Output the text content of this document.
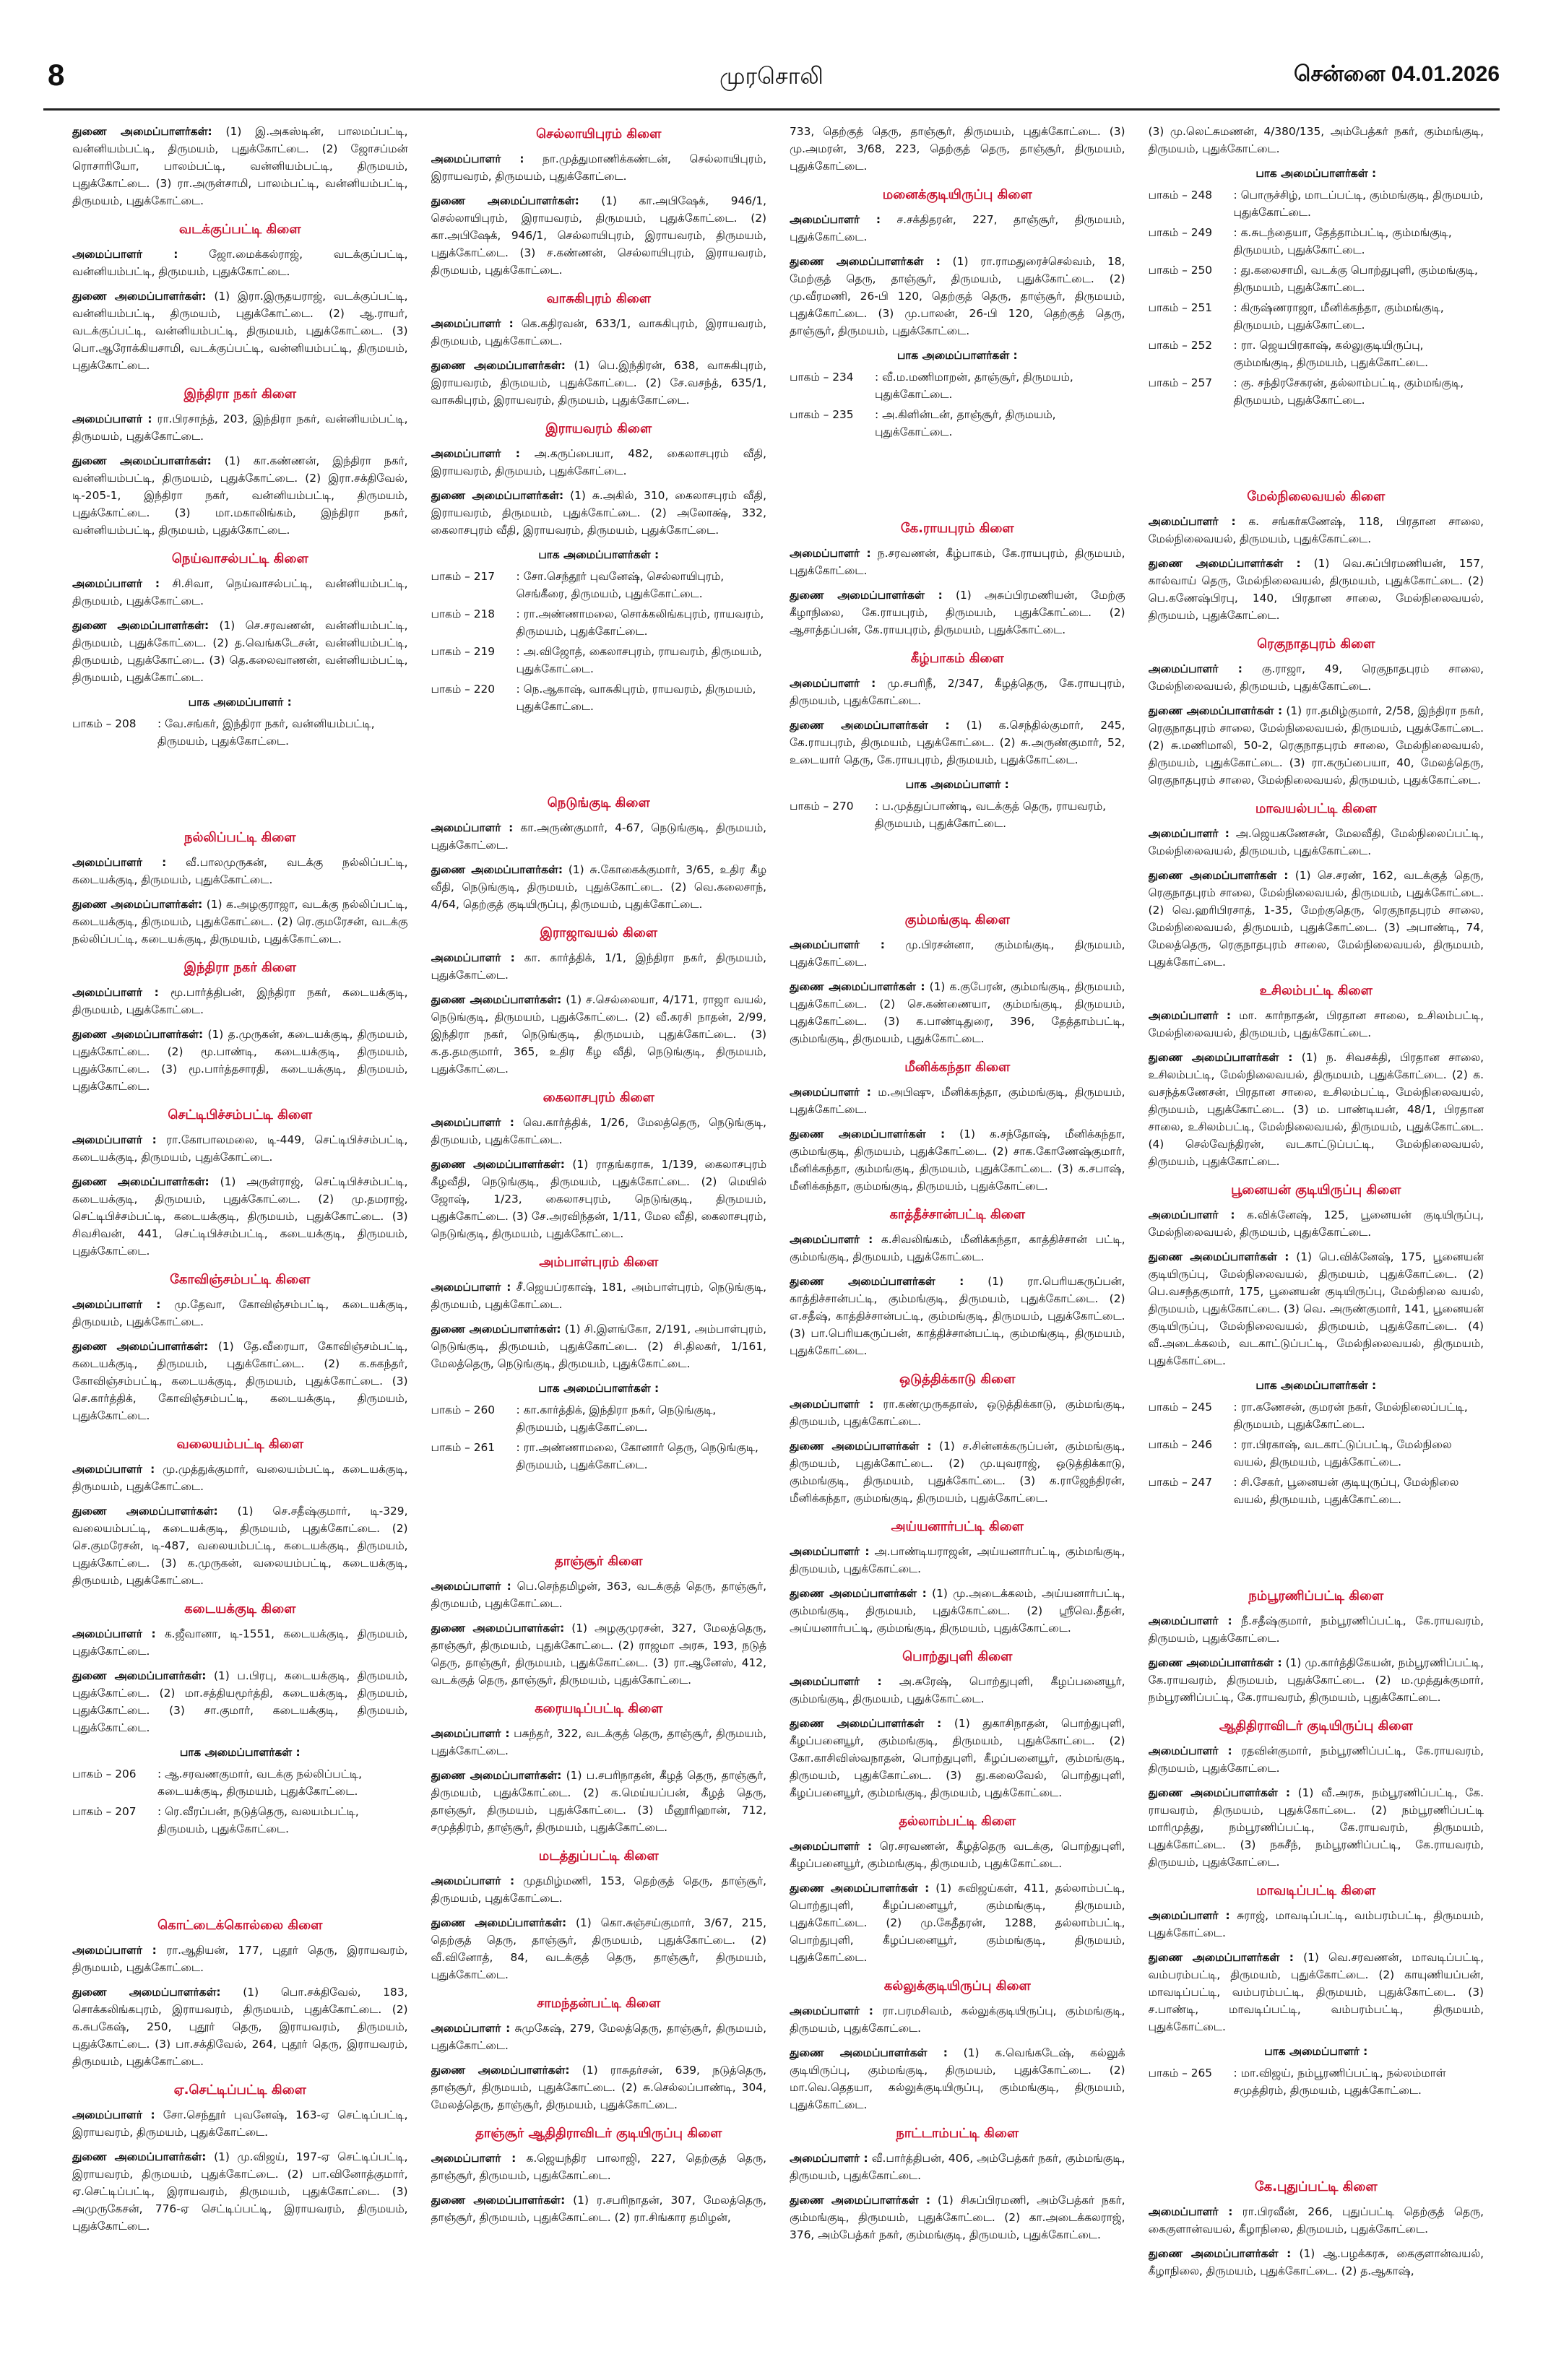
8	முரசொலி	சென்னை 04.01.2026
துணை அமைப்பாளர்கள்: (1) இ.அகஸ்டின், பாலமப்பட்டி, வன்னியம்பட்டி, திருமயம், புதுக்கோட்டை. (2) ஜோசப்மன் ரொசாரியோ, பாலம்பட்டி, வன்னியம்பட்டி, திருமயம், புதுக்கோட்டை. (3) ரா.அருள்சாமி, பாலம்பட்டி, வன்னியம்பட்டி, திருமயம், புதுக்கோட்டை.
வடக்குப்பட்டி கிளை
அமைப்பாளர் : ஜோ.மைக்கல்ராஜ், வடக்குப்பட்டி, வன்னியம்பட்டி, திருமயம், புதுக்கோட்டை.
துணை அமைப்பாளர்கள்: (1) இரா.இருதயராஜ், வடக்குப்பட்டி, வன்னியம்பட்டி, திருமயம், புதுக்கோட்டை. (2) ஆ.ராயர், வடக்குப்பட்டி, வன்னியம்பட்டி, திருமயம், புதுக்கோட்டை. (3) பொ.ஆரோக்கியசாமி, வடக்குப்பட்டி, வன்னியம்பட்டி, திருமயம், புதுக்கோட்டை.
இந்திரா நகர் கிளை
அமைப்பாளர் : ரா.பிரசாந்த், 203, இந்திரா நகர், வன்னியம்பட்டி, திருமயம், புதுக்கோட்டை.
துணை அமைப்பாளர்கள்: (1) கா.கண்ணன், இந்திரா நகர், வன்னியம்பட்டி, திருமயம், புதுக்கோட்டை. (2) இரா.சக்திவேல், டி-205-1, இந்திரா நகர், வன்னியம்பட்டி, திருமயம், புதுக்கோட்டை. (3) மா.மகாலிங்கம், இந்திரா நகர், வன்னியம்பட்டி, திருமயம், புதுக்கோட்டை.
நெய்வாசல்பட்டி கிளை
அமைப்பாளர் : சி.சிவா, நெய்வாசல்பட்டி, வன்னியம்பட்டி, திருமயம், புதுக்கோட்டை.
துணை அமைப்பாளர்கள்: (1) செ.சரவணன், வன்னியம்பட்டி, திருமயம், புதுக்கோட்டை. (2) த.வெங்கடேசன், வன்னியம்பட்டி, திருமயம், புதுக்கோட்டை. (3) தெ.கலைவாணன், வன்னியம்பட்டி, திருமயம், புதுக்கோட்டை.
பாக அமைப்பாளர் :
பாகம் – 208	: வே.சங்கர், இந்திரா நகர், வன்னியம்பட்டி, திருமயம், புதுக்கோட்டை.
நல்லிப்பட்டி கிளை
அமைப்பாளர் : வீ.பாலமுருகன், வடக்கு நல்லிப்பட்டி, கடையக்குடி, திருமயம், புதுக்கோட்டை.
துணை அமைப்பாளர்கள்: (1) க.அழகுராஜா, வடக்கு நல்லிப்பட்டி, கடையக்குடி, திருமயம், புதுக்கோட்டை. (2) ரெ.குமரேசன், வடக்கு நல்லிப்பட்டி, கடையக்குடி, திருமயம், புதுக்கோட்டை.
இந்திரா நகர் கிளை
அமைப்பாளர் : மூ.பார்த்திபன், இந்திரா நகர், கடையக்குடி, திருமயம், புதுக்கோட்டை.
துணை அமைப்பாளர்கள்: (1) த.முருகன், கடையக்குடி, திருமயம், புதுக்கோட்டை. (2) மூ.பாண்டி, கடையக்குடி, திருமயம், புதுக்கோட்டை. (3) மூ.பார்த்தசாரதி, கடையக்குடி, திருமயம், புதுக்கோட்டை.
செட்டிபிச்சம்பட்டி கிளை
அமைப்பாளர் : ரா.கோபாலமலை, டி-449, செட்டிபிச்சம்பட்டி, கடையக்குடி, திருமயம், புதுக்கோட்டை.
துணை அமைப்பாளர்கள்: (1) அருள்ராஜ், செட்டிபிச்சம்பட்டி, கடையக்குடி, திருமயம், புதுக்கோட்டை. (2) மு.தமராஜ், செட்டிபிச்சம்பட்டி, கடையக்குடி, திருமயம், புதுக்கோட்டை. (3) சிவசிவன், 441, செட்டிபிச்சம்பட்டி, கடையக்குடி, திருமயம், புதுக்கோட்டை.
கோவிஞ்சம்பட்டி கிளை
அமைப்பாளர் : மு.தேவா, கோவிஞ்சம்பட்டி, கடையக்குடி, திருமயம், புதுக்கோட்டை.
துணை அமைப்பாளர்கள்: (1) தே.வீரையா, கோவிஞ்சம்பட்டி, கடையக்குடி, திருமயம், புதுக்கோட்டை. (2) க.சுகந்தர், கோவிஞ்சம்பட்டி, கடையக்குடி, திருமயம், புதுக்கோட்டை. (3) செ.கார்த்திக், கோவிஞ்சம்பட்டி, கடையக்குடி, திருமயம், புதுக்கோட்டை.
வலையம்பட்டி கிளை
அமைப்பாளர் : மு.முத்துக்குமார், வலையம்பட்டி, கடையக்குடி, திருமயம், புதுக்கோட்டை.
துணை அமைப்பாளர்கள்: (1) செ.சதீஷ்குமார், டி-329, வலையம்பட்டி, கடையக்குடி, திருமயம், புதுக்கோட்டை. (2) செ.குமரேசன், டி-487, வலையம்பட்டி, கடையக்குடி, திருமயம், புதுக்கோட்டை. (3) க.முருகன், வலையம்பட்டி, கடையக்குடி, திருமயம், புதுக்கோட்டை.
கடையக்குடி கிளை
அமைப்பாளர் : க.ஜீவானா, டி-1551, கடையக்குடி, திருமயம், புதுக்கோட்டை.
துணை அமைப்பாளர்கள்: (1) ப.பிரபு, கடையக்குடி, திருமயம், புதுக்கோட்டை. (2) மா.சத்தியமூர்த்தி, கடையக்குடி, திருமயம், புதுக்கோட்டை. (3) சா.குமார், கடையக்குடி, திருமயம், புதுக்கோட்டை.
பாக அமைப்பாளர்கள் :
பாகம் – 206	: ஆ.சரவணகுமார், வடக்கு நல்லிப்பட்டி, கடையக்குடி, திருமயம், புதுக்கோட்டை.
பாகம் – 207	: ரெ.வீரப்பன், நடுத்தெரு, வலயம்பட்டி, திருமயம், புதுக்கோட்டை.
கொட்டைக்கொல்லை கிளை
அமைப்பாளர் : ரா.ஆதியன், 177, புதூர் தெரு, இராயவரம், திருமயம், புதுக்கோட்டை.
துணை அமைப்பாளர்கள்: (1) பொ.சக்திவேல், 183, சொக்கலிங்கபுரம், இராயவரம், திருமயம், புதுக்கோட்டை. (2) க.சுபகேஷ், 250, புதூர் தெரு, இராயவரம், திருமயம், புதுக்கோட்டை. (3) பா.சக்திவேல், 264, புதூர் தெரு, இராயவரம், திருமயம், புதுக்கோட்டை.
ஏ.செட்டிப்பட்டி கிளை
அமைப்பாளர் : சோ.செந்தூர் புவனேஷ், 163-ஏ செட்டிப்பட்டி, இராயவரம், திருமயம், புதுக்கோட்டை.
துணை அமைப்பாளர்கள்: (1) மு.விஜய், 197-ஏ செட்டிப்பட்டி, இராயவரம், திருமயம், புதுக்கோட்டை. (2) பா.வினோத்குமார், ஏ.செட்டிப்பட்டி, இராயவரம், திருமயம், புதுக்கோட்டை. (3) அமுருகேசன், 776-ஏ செட்டிப்பட்டி, இராயவரம், திருமயம், புதுக்கோட்டை.
செல்லாயிபுரம் கிளை
அமைப்பாளர் : நா.முத்துமாணிக்கண்டன், செல்லாயிபுரம், இராயவரம், திருமயம், புதுக்கோட்டை.
துணை அமைப்பாளர்கள்: (1) கா.அபிஷேக், 946/1, செல்லாயிபுரம், இராயவரம், திருமயம், புதுக்கோட்டை. (2) கா.அபிஷேக், 946/1, செல்லாயிபுரம், இராயவரம், திருமயம், புதுக்கோட்டை. (3) ச.கண்ணன், செல்லாயிபுரம், இராயவரம், திருமயம், புதுக்கோட்டை.
வாசுகிபுரம் கிளை
அமைப்பாளர் : கெ.கதிரவன், 633/1, வாசுகிபுரம், இராயவரம், திருமயம், புதுக்கோட்டை.
துணை அமைப்பாளர்கள்: (1) பெ.இந்திரன், 638, வாசுகிபுரம், இராயவரம், திருமயம், புதுக்கோட்டை. (2) சே.வசந்த், 635/1, வாசுகிபுரம், இராயவரம், திருமயம், புதுக்கோட்டை.
இராயவரம் கிளை
அமைப்பாளர் : அ.கருப்பையா, 482, கைலாசபுரம் வீதி, இராயவரம், திருமயம், புதுக்கோட்டை.
துணை அமைப்பாளர்கள்: (1) சு.அகில், 310, கைலாசபுரம் வீதி, இராயவரம், திருமயம், புதுக்கோட்டை. (2) அலோக்ஷ், 332, கைலாசபுரம் வீதி, இராயவரம், திருமயம், புதுக்கோட்டை.
பாக அமைப்பாளர்கள் :
பாகம் – 217	: சோ.செந்தூர் புவனேஷ், செல்லாயிபுரம், செங்கீரை, திருமயம், புதுக்கோட்டை.
பாகம் – 218	: ரா.அண்ணாமலை, சொக்கலிங்கபுரம், ராயவரம், திருமயம், புதுக்கோட்டை.
பாகம் – 219	: அ.விஜோத், கைலாசபுரம், ராயவரம், திருமயம், புதுக்கோட்டை.
பாகம் – 220	: நெ.ஆகாஷ், வாசுகிபுரம், ராயவரம், திருமயம், புதுக்கோட்டை.
நெடுங்குடி கிளை
அமைப்பாளர் : கா.அருண்குமார், 4-67, நெடுங்குடி, திருமயம், புதுக்கோட்டை.
துணை அமைப்பாளர்கள்: (1) சு.கோகைக்குமார், 3/65, உதிர கீழ வீதி, நெடுங்குடி, திருமயம், புதுக்கோட்டை. (2) வெ.கலைசாந், 4/64, தெற்குத் குடியிருப்பு, திருமயம், புதுக்கோட்டை.
இராஜாவயல் கிளை
அமைப்பாளர் : கா. கார்த்திக், 1/1, இந்திரா நகர், திருமயம், புதுக்கோட்டை.
துணை அமைப்பாளர்கள்: (1) ச.செல்லையா, 4/171, ராஜா வயல், நெடுங்குடி, திருமயம், புதுக்கோட்டை. (2) வீ.கரசி நாதன், 2/99, இந்திரா நகர், நெடுங்குடி, திருமயம், புதுக்கோட்டை. (3) க.த.தமகுமார், 365, உதிர கீழ வீதி, நெடுங்குடி, திருமயம், புதுக்கோட்டை.
கைலாசபுரம் கிளை
அமைப்பாளர் : வெ.கார்த்திக், 1/26, மேலத்தெரு, நெடுங்குடி, திருமயம், புதுக்கோட்டை.
துணை அமைப்பாளர்கள்: (1) ராதங்கராசு, 1/139, கைலாசபுரம் கீழவீதி, நெடுங்குடி, திருமயம், புதுக்கோட்டை. (2) மெயில் ஜோஷ், 1/23, கைலாசபுரம், நெடுங்குடி, திருமயம், புதுக்கோட்டை. (3) சே.அரவிந்தன், 1/11, மேல வீதி, கைலாசபுரம், நெடுங்குடி, திருமயம், புதுக்கோட்டை.
அம்பாள்புரம் கிளை
அமைப்பாளர் : சீ.ஜெயப்ரகாஷ், 181, அம்பாள்புரம், நெடுங்குடி, திருமயம், புதுக்கோட்டை.
துணை அமைப்பாளர்கள்: (1) சி.இளங்கோ, 2/191, அம்பாள்புரம், நெடுங்குடி, திருமயம், புதுக்கோட்டை. (2) சி.திலகர், 1/161, மேலத்தெரு, நெடுங்குடி, திருமயம், புதுக்கோட்டை.
பாக அமைப்பாளர்கள் :
பாகம் – 260	: கா.கார்த்திக், இந்திரா நகர், நெடுங்குடி, திருமயம், புதுக்கோட்டை.
பாகம் – 261	: ரா.அண்ணாமலை, கோனார் தெரு, நெடுங்குடி, திருமயம், புதுக்கோட்டை.
தாஞ்சூர் கிளை
அமைப்பாளர் : பெ.செந்தமிழன், 363, வடக்குத் தெரு, தாஞ்சூர், திருமயம், புதுக்கோட்டை.
துணை அமைப்பாளர்கள்: (1) அழகுமுரசன், 327, மேலத்தெரு, தாஞ்சூர், திருமயம், புதுக்கோட்டை. (2) ராஜமா அரசு, 193, நடுத் தெரு, தாஞ்சூர், திருமயம், புதுக்கோட்டை. (3) ரா.ஆனேஸ், 412, வடக்குத் தெரு, தாஞ்சூர், திருமயம், புதுக்கோட்டை.
கரையடிப்பட்டி கிளை
அமைப்பாளர் : பசுந்தர், 322, வடக்குத் தெரு, தாஞ்சூர், திருமயம், புதுக்கோட்டை.
துணை அமைப்பாளர்கள்: (1) ப.சபரிநாதன், கீழத் தெரு, தாஞ்சூர், திருமயம், புதுக்கோட்டை. (2) க.மெய்யப்பன், கீழத் தெரு, தாஞ்சூர், திருமயம், புதுக்கோட்டை. (3) மீனூரிஹான், 712, சமுத்திரம், தாஞ்சூர், திருமயம், புதுக்கோட்டை.
மடத்துப்பட்டி கிளை
அமைப்பாளர் : முதமிழ்மணி, 153, தெற்குத் தெரு, தாஞ்சூர், திருமயம், புதுக்கோட்டை.
துணை அமைப்பாளர்கள்: (1) கொ.சுஞ்சய்குமார், 3/67, 215, தெற்குத் தெரு, தாஞ்சூர், திருமயம், புதுக்கோட்டை. (2) வீ.வினோத், 84, வடக்குத் தெரு, தாஞ்சூர், திருமயம், புதுக்கோட்டை.
சாமந்தன்பட்டி கிளை
அமைப்பாளர் : சுமுகேஷ், 279, மேலத்தெரு, தாஞ்சூர், திருமயம், புதுக்கோட்டை.
துணை அமைப்பாளர்கள்: (1) ராசுதர்சன், 639, நடுத்தெரு, தாஞ்சூர், திருமயம், புதுக்கோட்டை. (2) சு.செல்லப்பாண்டி, 304, மேலத்தெரு, தாஞ்சூர், திருமயம், புதுக்கோட்டை.
தாஞ்சூர் ஆதிதிராவிடர் குடியிருப்பு கிளை
அமைப்பாளர் : க.ஜெயந்திர பாலாஜி, 227, தெற்குத் தெரு, தாஞ்சூர், திருமயம், புதுக்கோட்டை.
துணை அமைப்பாளர்கள்: (1) ர.சபரிநாதன், 307, மேலத்தெரு, தாஞ்சூர், திருமயம், புதுக்கோட்டை. (2) ரா.சிங்கார தமிழன்,
733, தெற்குத் தெரு, தாஞ்சூர், திருமயம், புதுக்கோட்டை. (3) மு.அமரன், 3/68, 223, தெற்குத் தெரு, தாஞ்சூர், திருமயம், புதுக்கோட்டை.
மனைக்குடியிருப்பு கிளை
அமைப்பாளர் : ச.சக்திதரன், 227, தாஞ்சூர், திருமயம், புதுக்கோட்டை.
துணை அமைப்பாளர்கள் : (1) ரா.ராமதுரைச்செல்வம், 18, மேற்குத் தெரு, தாஞ்சூர், திருமயம், புதுக்கோட்டை. (2) மு.வீரமணி, 26-பி 120, தெற்குத் தெரு, தாஞ்சூர், திருமயம், புதுக்கோட்டை. (3) மு.பாலன், 26-பி 120, தெற்குத் தெரு, தாஞ்சூர், திருமயம், புதுக்கோட்டை.
பாக அமைப்பாளர்கள் :
பாகம் – 234	: வீ.ம.மணிமாறன், தாஞ்சூர், திருமயம், புதுக்கோட்டை.
பாகம் – 235	: அ.கிளின்டன், தாஞ்சூர், திருமயம், புதுக்கோட்டை.
கே.ராயபுரம் கிளை
அமைப்பாளர் : ந.சரவணன், கீழ்பாகம், கே.ராயபுரம், திருமயம், புதுக்கோட்டை.
துணை அமைப்பாளர்கள் : (1) அசுப்பிரமணியன், மேற்கு கீழாநிலை, கே.ராயபுரம், திருமயம், புதுக்கோட்டை. (2) ஆசாத்தப்பன், கே.ராயபுரம், திருமயம், புதுக்கோட்டை.
கீழ்பாகம் கிளை
அமைப்பாளர் : மு.சபரிநீ, 2/347, கீழத்தெரு, கே.ராயபுரம், திருமயம், புதுக்கோட்டை.
துணை அமைப்பாளர்கள் : (1) க.செந்தில்குமார், 245, கே.ராயபுரம், திருமயம், புதுக்கோட்டை. (2) சு.அருண்குமார், 52, உடையார் தெரு, கே.ராயபுரம், திருமயம், புதுக்கோட்டை.
பாக அமைப்பாளர் :
பாகம் – 270	: ப.முத்துப்பாண்டி, வடக்குத் தெரு, ராயவரம், திருமயம், புதுக்கோட்டை.
கும்மங்குடி கிளை
அமைப்பாளர் : மு.பிரசன்னா, கும்மங்குடி, திருமயம், புதுக்கோட்டை.
துணை அமைப்பாளர்கள் : (1) க.குபேரன், கும்மங்குடி, திருமயம், புதுக்கோட்டை. (2) செ.கண்ணையா, கும்மங்குடி, திருமயம், புதுக்கோட்டை. (3) க.பாண்டிதுரை, 396, தேத்தாம்பட்டி, கும்மங்குடி, திருமயம், புதுக்கோட்டை.
மீனிக்கந்தா கிளை
அமைப்பாளர் : ம.அபிஷு, மீனிக்கந்தா, கும்மங்குடி, திருமயம், புதுக்கோட்டை.
துணை அமைப்பாளர்கள் : (1) க.சந்தோஷ், மீனிக்கந்தா, கும்மங்குடி, திருமயம், புதுக்கோட்டை. (2) சாக.கோணேஷ்குமார், மீனிக்கந்தா, கும்மங்குடி, திருமயம், புதுக்கோட்டை. (3) க.சபாஷ், மீனிக்கந்தா, கும்மங்குடி, திருமயம், புதுக்கோட்டை.
காத்தீச்சான்பட்டி கிளை
அமைப்பாளர் : க.சிவலிங்கம், மீனிக்கந்தா, காத்திச்சான் பட்டி, கும்மங்குடி, திருமயம், புதுக்கோட்டை.
துணை அமைப்பாளர்கள் : (1) ரா.பெரியகருப்பன், காத்திச்சான்பட்டி, கும்மங்குடி, திருமயம், புதுக்கோட்டை. (2) எ.சதீஷ், காத்திச்சான்பட்டி, கும்மங்குடி, திருமயம், புதுக்கோட்டை. (3) பா.பெரியகருப்பன், காத்திச்சான்பட்டி, கும்மங்குடி, திருமயம், புதுக்கோட்டை.
ஒடுத்திக்காடு கிளை
அமைப்பாளர் : ரா.கண்முருகதாஸ், ஒடுத்திக்காடு, கும்மங்குடி, திருமயம், புதுக்கோட்டை.
துணை அமைப்பாளர்கள் : (1) ச.சின்னக்கருப்பன், கும்மங்குடி, திருமயம், புதுக்கோட்டை. (2) மு.யுவராஜ், ஒடுத்திக்காடு, கும்மங்குடி, திருமயம், புதுக்கோட்டை. (3) க.ராஜேந்திரன், மீனிக்கந்தா, கும்மங்குடி, திருமயம், புதுக்கோட்டை.
அய்யனார்பட்டி கிளை
அமைப்பாளர் : அ.பாண்டியராஜன், அய்யனார்பட்டி, கும்மங்குடி, திருமயம், புதுக்கோட்டை.
துணை அமைப்பாளர்கள் : (1) மு.அடைக்கலம், அய்யனார்பட்டி, கும்மங்குடி, திருமயம், புதுக்கோட்டை. (2) ஸ்ரீவெ.தீதன், அய்யனார்பட்டி, கும்மங்குடி, திருமயம், புதுக்கோட்டை.
பொற்துபுளி கிளை
அமைப்பாளர் : அ.சுரேஷ், பொற்துபுளி, கீழப்பனையூர், கும்மங்குடி, திருமயம், புதுக்கோட்டை.
துணை அமைப்பாளர்கள் : (1) துகாசிநாதன், பொற்துபுளி, கீழப்பனையூர், கும்மங்குடி, திருமயம், புதுக்கோட்டை. (2) கோ.காசிவிஸ்வநாதன், பொற்துபுளி, கீழப்பனையூர், கும்மங்குடி, திருமயம், புதுக்கோட்டை. (3) து.கலைவேல், பொற்துபுளி, கீழப்பனையூர், கும்மங்குடி, திருமயம், புதுக்கோட்டை.
தல்லாம்பட்டி கிளை
அமைப்பாளர் : ரெ.சரவணன், கீழத்தெரு வடக்கு, பொற்துபுளி, கீழப்பனையூர், கும்மங்குடி, திருமயம், புதுக்கோட்டை.
துணை அமைப்பாளர்கள் : (1) சுவிஜய்கள், 411, தல்லாம்பட்டி, பொற்துபுளி, கீழப்பனையூர், கும்மங்குடி, திருமயம், புதுக்கோட்டை. (2) மு.கேதீதரன், 1288, தல்லாம்பட்டி, பொற்துபுளி, கீழப்பனையூர், கும்மங்குடி, திருமயம், புதுக்கோட்டை.
கல்லுக்குடியிருப்பு கிளை
அமைப்பாளர் : ரா.பரமசிவம், கல்லுக்குடியிருப்பு, கும்மங்குடி, திருமயம், புதுக்கோட்டை.
துணை அமைப்பாளர்கள் : (1) க.வெங்கடேஷ், கல்லுக் குடியிருப்பு, கும்மங்குடி, திருமயம், புதுக்கோட்டை. (2) மா.வெ.தெதயா, கல்லுக்குடியிருப்பு, கும்மங்குடி, திருமயம், புதுக்கோட்டை.
நாட்டாம்பட்டி கிளை
அமைப்பாளர் : வீ.பார்த்திபன், 406, அம்பேத்கர் நகர், கும்மங்குடி, திருமயம், புதுக்கோட்டை.
துணை அமைப்பாளர்கள் : (1) சிசுப்பிரமணி, அம்பேத்கர் நகர், கும்மங்குடி, திருமயம், புதுக்கோட்டை. (2) கா.அடைக்கலராஜ், 376, அம்பேத்கர் நகர், கும்மங்குடி, திருமயம், புதுக்கோட்டை.
(3) மு.லெட்சுமணன், 4/380/135, அம்பேத்கர் நகர், கும்மங்குடி, திருமயம், புதுக்கோட்டை.
பாக அமைப்பாளர்கள் :
பாகம் – 248	: பொருச்சிழ், மாடப்பட்டி, கும்மங்குடி, திருமயம், புதுக்கோட்டை.
பாகம் – 249	: க.சுடந்தையா, தேத்தாம்பட்டி, கும்மங்குடி, திருமயம், புதுக்கோட்டை.
பாகம் – 250	: து.கலைசாமி, வடக்கு பொற்துபுளி, கும்மங்குடி, திருமயம், புதுக்கோட்டை.
பாகம் – 251	: கிருஷ்ணராஜா, மீனிக்கந்தா, கும்மங்குடி, திருமயம், புதுக்கோட்டை.
பாகம் – 252	: ரா. ஜெயபிரகாஷ், கல்லுகுடியிருப்பு, கும்மங்குடி, திருமயம், புதுக்கோட்டை.
பாகம் – 257	: கு. சந்திரசேகரன், தல்லாம்பட்டி, கும்மங்குடி, திருமயம், புதுக்கோட்டை.
மேல்நிலைவயல் கிளை
அமைப்பாளர் : க. சங்கர்கணேஷ், 118, பிரதான சாலை, மேல்நிலைவயல், திருமயம், புதுக்கோட்டை.
துணை அமைப்பாளர்கள் : (1) வெ.சுப்பிரமணியன், 157, கால்வாய் தெரு, மேல்நிலைவயல், திருமயம், புதுக்கோட்டை. (2) பெ.கணேஷ்பிரபு, 140, பிரதான சாலை, மேல்நிலைவயல், திருமயம், புதுக்கோட்டை.
ரெகுநாதபுரம் கிளை
அமைப்பாளர் : கு.ராஜா, 49, ரெகுநாதபுரம் சாலை, மேல்நிலைவயல், திருமயம், புதுக்கோட்டை.
துணை அமைப்பாளர்கள் : (1) ரா.தமிழ்குமார், 2/58, இந்திரா நகர், ரெகுநாதபுரம் சாலை, மேல்நிலைவயல், திருமயம், புதுக்கோட்டை. (2) சு.மணிமாலி, 50-2, ரெகுநாதபுரம் சாலை, மேல்நிலைவயல், திருமயம், புதுக்கோட்டை. (3) ரா.கருப்பையா, 40, மேலத்தெரு, ரெகுநாதபுரம் சாலை, மேல்நிலைவயல், திருமயம், புதுக்கோட்டை.
மாவயல்பட்டி கிளை
அமைப்பாளர் : அ.ஜெயகணேசன், மேலவீதி, மேல்நிலைப்பட்டி, மேல்நிலைவயல், திருமயம், புதுக்கோட்டை.
துணை அமைப்பாளர்கள் : (1) செ.சரண், 162, வடக்குத் தெரு, ரெகுநாதபுரம் சாலை, மேல்நிலைவயல், திருமயம், புதுக்கோட்டை. (2) வெ.ஹரிபிரசாத், 1-35, மேற்குதெரு, ரெகுநாதபுரம் சாலை, மேல்நிலைவயல், திருமயம், புதுக்கோட்டை. (3) அபாண்டி, 74, மேலத்தெரு, ரெகுநாதபுரம் சாலை, மேல்நிலைவயல், திருமயம், புதுக்கோட்டை.
உசிலம்பட்டி கிளை
அமைப்பாளர் : மா. கார்நாதன், பிரதான சாலை, உசிலம்பட்டி, மேல்நிலைவயல், திருமயம், புதுக்கோட்டை.
துணை அமைப்பாளர்கள் : (1) ந. சிவசக்தி, பிரதான சாலை, உசிலம்பட்டி, மேல்நிலைவயல், திருமயம், புதுக்கோட்டை. (2) க. வசந்த்கணேசன், பிரதான சாலை, உசிலம்பட்டி, மேல்நிலைவயல், திருமயம், புதுக்கோட்டை. (3) ம. பாண்டியன், 48/1, பிரதான சாலை, உசிலம்பட்டி, மேல்நிலைவயல், திருமயம், புதுக்கோட்டை. (4) செல்வேந்திரன், வடகாட்டுப்பட்டி, மேல்நிலைவயல், திருமயம், புதுக்கோட்டை.
பூனையன் குடியிருப்பு கிளை
அமைப்பாளர் : க.விக்னேஷ், 125, பூனையன் குடியிருப்பு, மேல்நிலைவயல், திருமயம், புதுக்கோட்டை.
துணை அமைப்பாளர்கள் : (1) பெ.விக்னேஷ், 175, பூனையன் குடியிருப்பு, மேல்நிலைவயல், திருமயம், புதுக்கோட்டை. (2) பெ.வசந்தகுமார், 175, பூனையன் குடியிருப்பு, மேல்நிலை வயல், திருமயம், புதுக்கோட்டை. (3) வெ. அருண்குமார், 141, பூனையன் குடியிருப்பு, மேல்நிலைவயல், திருமயம், புதுக்கோட்டை. (4) வீ.அடைக்கலம், வடகாட்டுப்பட்டி, மேல்நிலைவயல், திருமயம், புதுக்கோட்டை.
பாக அமைப்பாளர்கள் :
பாகம் – 245	: ரா.கணேசன், குமரன் நகர், மேல்நிலைப்பட்டி, திருமயம், புதுக்கோட்டை.
பாகம் – 246	: ரா.பிரகாஷ், வடகாட்டுப்பட்டி, மேல்நிலை வயல், திருமயம், புதுக்கோட்டை.
பாகம் – 247	: சி.சேகர், பூனையன் குடியுருப்பு, மேல்நிலை வயல், திருமயம், புதுக்கோட்டை.
நம்பூரணிப்பட்டி கிளை
அமைப்பாளர் : நீ.சதீஷ்குமார், நம்பூரணிப்பட்டி, கே.ராயவரம், திருமயம், புதுக்கோட்டை.
துணை அமைப்பாளர்கள் : (1) மு.கார்த்திகேயன், நம்பூரணிப்பட்டி, கே.ராயவரம், திருமயம், புதுக்கோட்டை. (2) ம.முத்துக்குமார், நம்பூரணிப்பட்டி, கே.ராயவரம், திருமயம், புதுக்கோட்டை.
ஆதிதிராவிடர் குடியிருப்பு கிளை
அமைப்பாளர் : ரதவின்குமார், நம்பூரணிப்பட்டி, கே.ராயவரம், திருமயம், புதுக்கோட்டை.
துணை அமைப்பாளர்கள் : (1) வீ.அரசு, நம்பூரணிப்பட்டி, கே. ராயவரம், திருமயம், புதுக்கோட்டை. (2) நம்பூரணிப்பட்டி மாரிமுத்து, நம்பூரணிப்பட்டி, கே.ராயவரம், திருமயம், புதுக்கோட்டை. (3) நசுசீந், நம்பூரணிப்பட்டி, கே.ராயவரம், திருமயம், புதுக்கோட்டை.
மாவடிப்பட்டி கிளை
அமைப்பாளர் : சுராஜ், மாவடிப்பட்டி, வம்பரம்பட்டி, திருமயம், புதுக்கோட்டை.
துணை அமைப்பாளர்கள் : (1) வெ.சரவணன், மாவடிப்பட்டி, வம்பரம்பட்டி, திருமயம், புதுக்கோட்டை. (2) காயுணியப்பன், மாவடிப்பட்டி, வம்பரம்பட்டி, திருமயம், புதுக்கோட்டை. (3) ச.பாண்டி, மாவடிப்பட்டி, வம்பரம்பட்டி, திருமயம், புதுக்கோட்டை.
பாக அமைப்பாளர் :
பாகம் – 265	: மா.விஜய், நம்பூரணிப்பட்டி, நல்லம்மாள் சமுத்திரம், திருமயம், புதுக்கோட்டை.
கே.புதுப்பட்டி கிளை
அமைப்பாளர் : ரா.பிரவீன், 266, புதுப்பட்டி தெற்குத் தெரு, கைகுளான்வயல், கீழாநிலை, திருமயம், புதுக்கோட்டை.
துணை அமைப்பாளர்கள் : (1) ஆ.பழக்கரசு, கைகுளான்வயல், கீழாநிலை, திருமயம், புதுக்கோட்டை. (2) த.ஆகாஷ்,
